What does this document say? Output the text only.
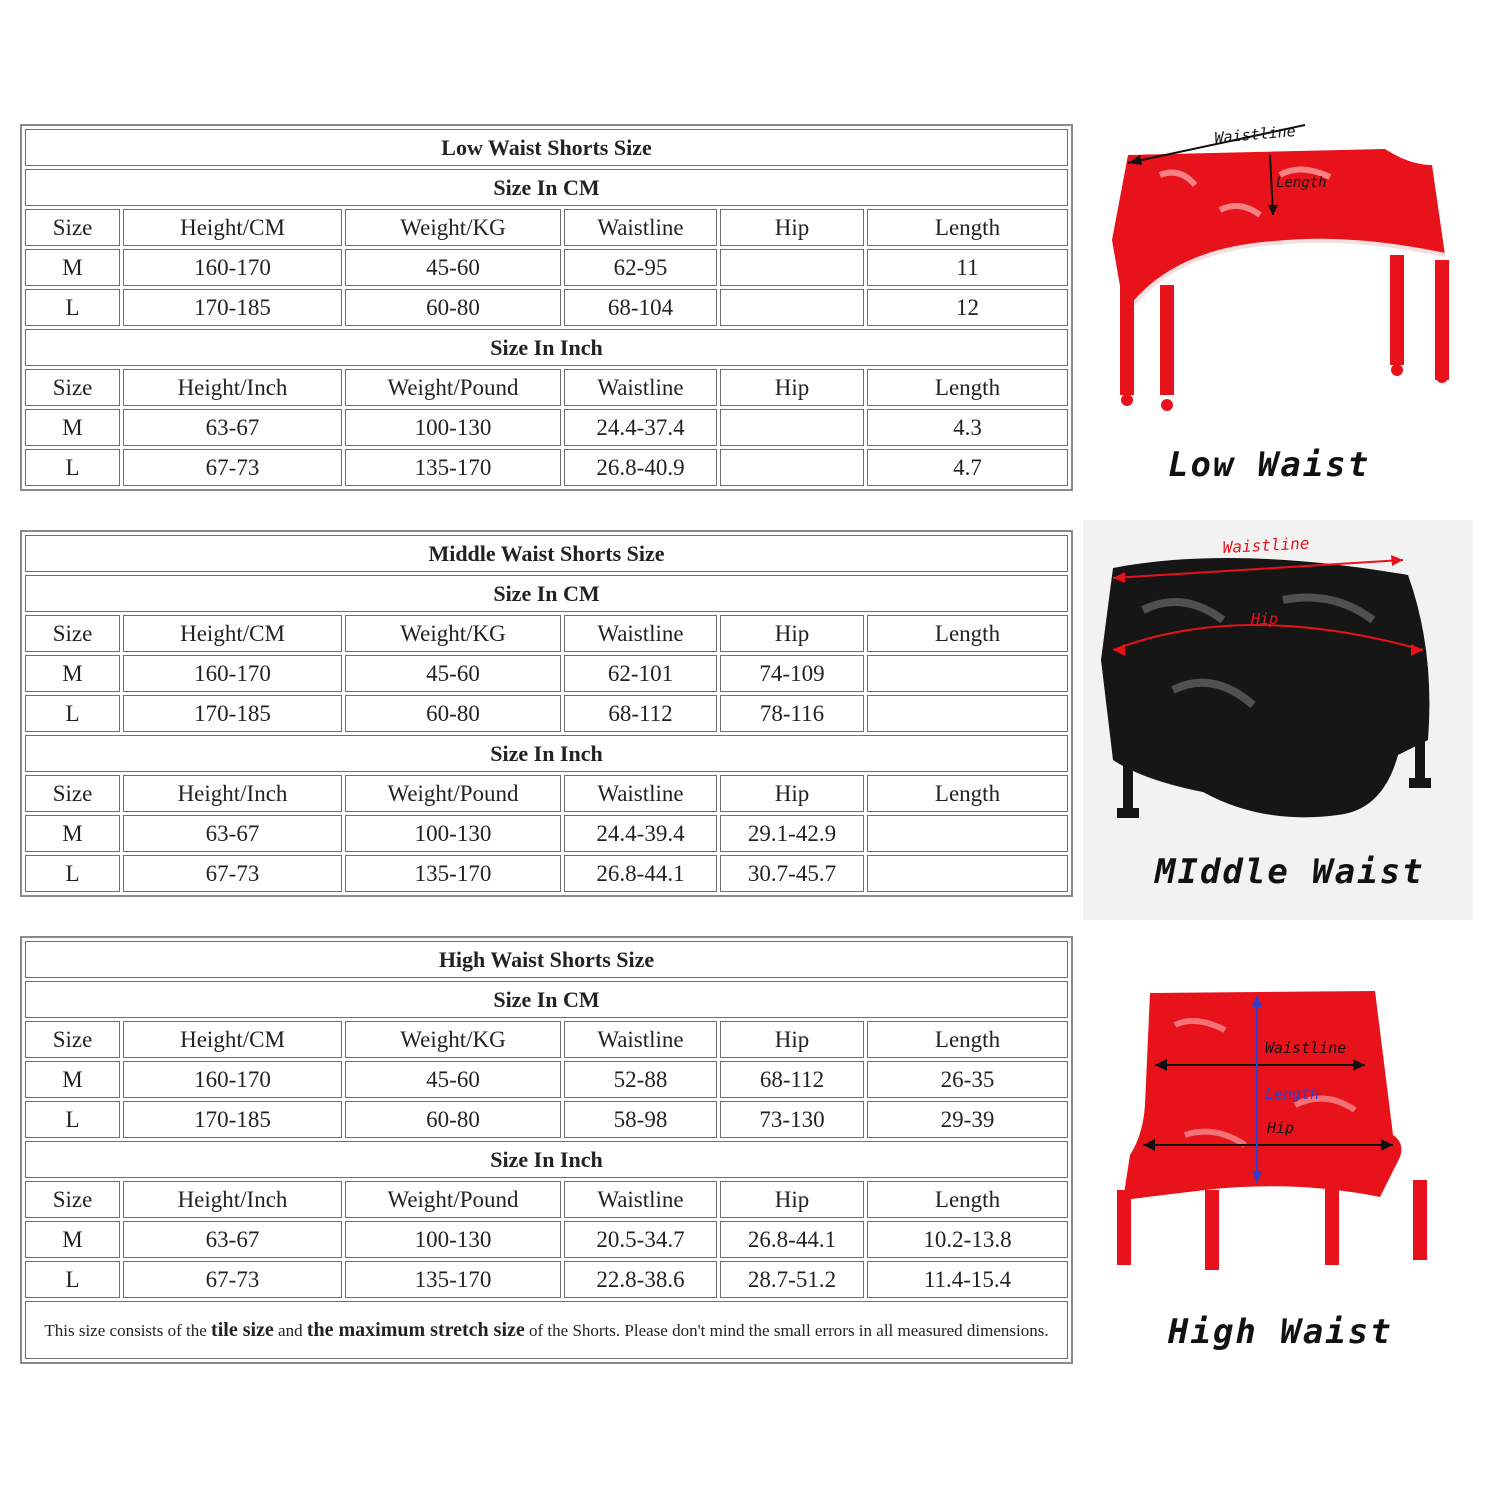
Low Waist Shorts Size					
Size In CM					
Size	Height/CM	Weight/KG	Waistline	Hip	Length
M	160-170	45-60	62-95		11
L	170-185	60-80	68-104		12
Size In Inch					
Size	Height/Inch	Weight/Pound	Waistline	Hip	Length
M	63-67	100-130	24.4-37.4		4.3
L	67-73	135-170	26.8-40.9		4.7
Middle Waist Shorts Size					
Size In CM					
Size	Height/CM	Weight/KG	Waistline	Hip	Length
M	160-170	45-60	62-101	74-109	
L	170-185	60-80	68-112	78-116	
Size In Inch					
Size	Height/Inch	Weight/Pound	Waistline	Hip	Length
M	63-67	100-130	24.4-39.4	29.1-42.9	
L	67-73	135-170	26.8-44.1	30.7-45.7	
High Waist Shorts Size					
Size In CM					
Size	Height/CM	Weight/KG	Waistline	Hip	Length
M	160-170	45-60	52-88	68-112	26-35
L	170-185	60-80	58-98	73-130	29-39
Size In Inch					
Size	Height/Inch	Weight/Pound	Waistline	Hip	Length
M	63-67	100-130	20.5-34.7	26.8-44.1	10.2-13.8
L	67-73	135-170	22.8-38.6	28.7-51.2	11.4-15.4
This size consists of the tile size and the maximum stretch size of the Shorts. Please don't mind the small errors in all measured dimensions.					
Waistline
Length
Low Waist
Waistline
Hip
MIddle Waist
Waistline
Length
Hip
High Waist
